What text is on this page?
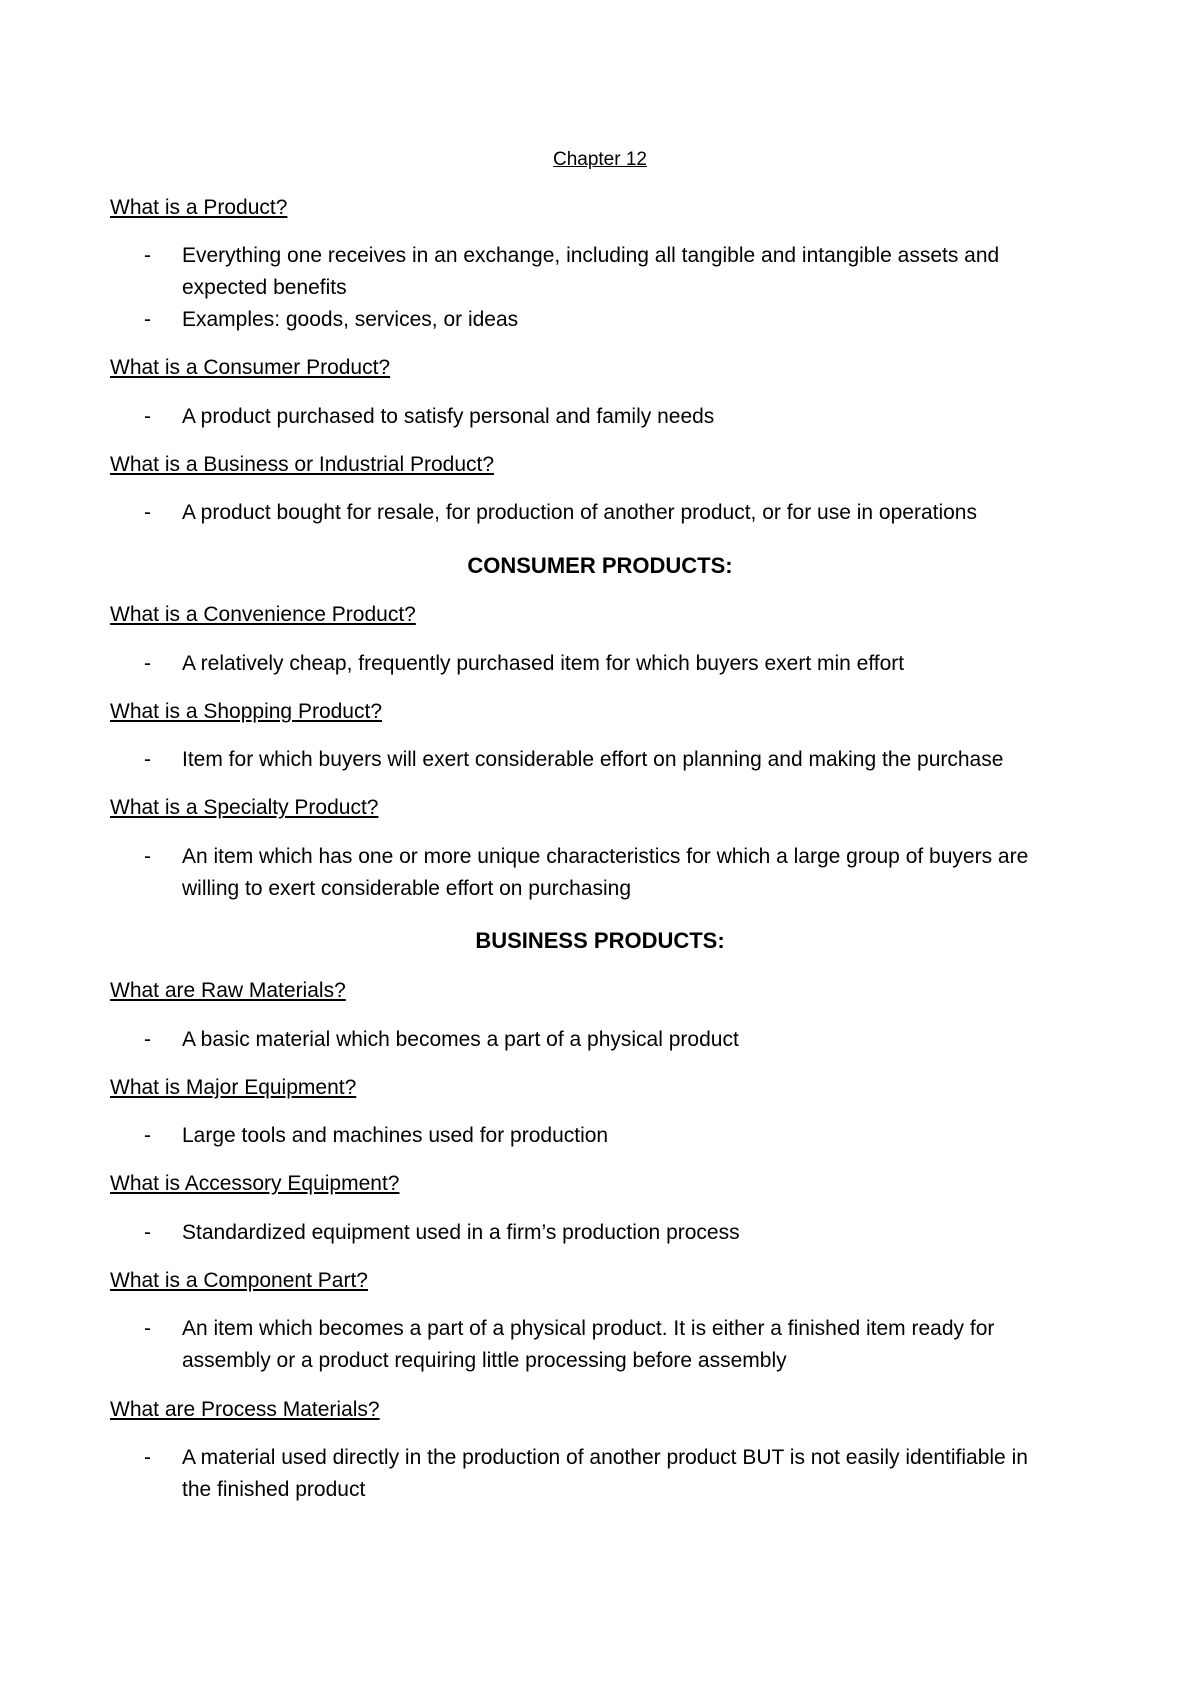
Chapter 12
What is a Product?
- Everything one receives in an exchange, including all tangible and intangible assets and
expected benefits
- Examples: goods, services, or ideas
What is a Consumer Product?
- A product purchased to satisfy personal and family needs
What is a Business or Industrial Product?
- A product bought for resale, for production of another product, or for use in operations
CONSUMER PRODUCTS:
What is a Convenience Product?
- A relatively cheap, frequently purchased item for which buyers exert min effort
What is a Shopping Product?
- Item for which buyers will exert considerable effort on planning and making the purchase
What is a Specialty Product?
- An item which has one or more unique characteristics for which a large group of buyers are
willing to exert considerable effort on purchasing
BUSINESS PRODUCTS:
What are Raw Materials?
- A basic material which becomes a part of a physical product
What is Major Equipment?
- Large tools and machines used for production
What is Accessory Equipment?
- Standardized equipment used in a firm’s production process
What is a Component Part?
- An item which becomes a part of a physical product. It is either a finished item ready for
assembly or a product requiring little processing before assembly
What are Process Materials?
- A material used directly in the production of another product BUT is not easily identifiable in
the finished product
